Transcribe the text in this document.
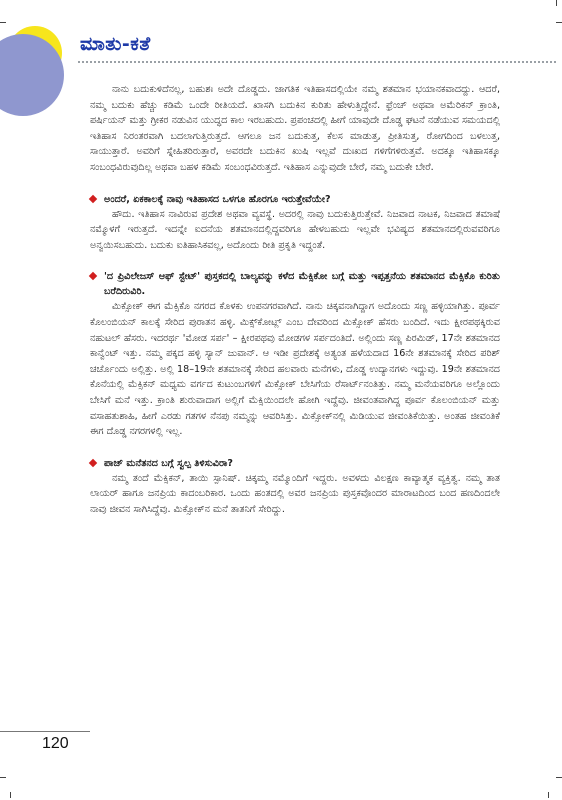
ಮಾತು-ಕತೆ

ನಾನು ಬದುಕುಳಿದೆನಲ್ಲ, ಬಹುಶಃ ಅದೇ ದೊಡ್ಡದು. ಜಾಗತಿಕ ಇತಿಹಾಸದಲ್ಲಿಯೇ ನಮ್ಮ ಶತಮಾನ ಭಯಾನಕವಾದದ್ದು. ಆದರೆ, ನಮ್ಮ ಬದುಕು ಹೆಚ್ಚು ಕಡಿಮೆ ಒಂದೇ ರೀತಿಯದೆ. ಖಾಸಗಿ ಬದುಕಿನ ಕುರಿತು ಹೇಳುತ್ತಿದ್ದೇನೆ. ಫ್ರೆಂಚ್ ಅಥವಾ ಅಮೆರಿಕನ್ ಕ್ರಾಂತಿ, ಪರ್ಷಿಯನ್ ಮತ್ತು ಗ್ರೀಕರ ನಡುವಿನ ಯುದ್ಧದ ಕಾಲ ಇರಬಹುದು. ಪ್ರಪಂಚದಲ್ಲಿ ಹೀಗೆ ಯಾವುದೇ ದೊಡ್ಡ ಘಟನೆ ನಡೆಯುವ ಸಮಯದಲ್ಲಿ ಇತಿಹಾಸ ನಿರಂತರವಾಗಿ ಬದಲಾಗುತ್ತಿರುತ್ತದೆ. ಆಗಲೂ ಜನ ಬದುಕುತ್ತ, ಕೆಲಸ ಮಾಡುತ್ತ, ಪ್ರೀತಿಸುತ್ತ, ರೋಗದಿಂದ ಬಳಲುತ್ತ, ಸಾಯುತ್ತಾರೆ. ಅವರಿಗೆ ಸ್ನೇಹಿತರಿರುತ್ತಾರೆ, ಅವರದೇ ಬದುಕಿನ ಖುಷಿ ಇಲ್ಲವೆ ದುಃಖದ ಗಳಿಗೆಗಳಿರುತ್ತವೆ. ಅದಕ್ಕೂ ಇತಿಹಾಸಕ್ಕೂ ಸಂಬಂಧವಿರುವುದಿಲ್ಲ ಅಥವಾ ಬಹಳ ಕಡಿಮೆ ಸಂಬಂಧವಿರುತ್ತದೆ. ಇತಿಹಾಸ ಎನ್ನುವುದೇ ಬೇರೆ, ನಮ್ಮ ಬದುಕೇ ಬೇರೆ.

ಅಂದರೆ, ಏಕಕಾಲಕ್ಕೆ ನಾವು ಇತಿಹಾಸದ ಒಳಗೂ ಹೊರಗೂ ಇರುತ್ತೇವೆಯೇ?

ಹೌದು. ಇತಿಹಾಸ ನಾವಿರುವ ಪ್ರದೇಶ ಅಥವಾ ವ್ಯವಸ್ಥೆ. ಅದರಲ್ಲಿ ನಾವು ಬದುಕುತ್ತಿರುತ್ತೇವೆ. ನಿಜವಾದ ನಾಟಕ, ನಿಜವಾದ ತಮಾಷೆ ನಮ್ಮೊಳಗೆ ಇರುತ್ತದೆ. ಇದನ್ನೇ ಐದನೆಯ ಶತಮಾನದಲ್ಲಿದ್ದವರಿಗೂ ಹೇಳಬಹುದು ಇಲ್ಲವೇ ಭವಿಷ್ಯದ ಶತಮಾನದಲ್ಲಿರುವವರಿಗೂ ಅನ್ವಯಿಸಬಹುದು. ಬದುಕು ಐತಿಹಾಸಿಕವಲ್ಲ, ಅದೊಂದು ರೀತಿ ಪ್ರಕೃತಿ ಇದ್ದಂತೆ.

'ದ ಪ್ರಿವಿಲೇಜಸ್ ಆಫ್ ಸ್ಟೇಟ್' ಪುಸ್ತಕದಲ್ಲಿ ಬಾಲ್ಯವನ್ನು ಕಳೆದ ಮೆಕ್ಸಿಕೋ ಬಗ್ಗೆ ಮತ್ತು ಇಪ್ಪತ್ತನೆಯ ಶತಮಾನದ ಮೆಕ್ಸಿಕೊ ಕುರಿತು ಬರೆದಿರುವಿರಿ.

ಮಿಕ್ಸೋಕ್ ಈಗ ಮೆಕ್ಸಿಕೊ ನಗರದ ಕೊಳಕು ಉಪನಗರವಾಗಿದೆ. ನಾನು ಚಿಕ್ಕವನಾಗಿದ್ದಾಗ ಅದೊಂದು ಸಣ್ಣ ಹಳ್ಳಿಯಾಗಿತ್ತು. ಪೂರ್ವ ಕೊಲಂಬಿಯನ್ ಕಾಲಕ್ಕೆ ಸೇರಿದ ಪುರಾತನ ಹಳ್ಳಿ. ಮಿಕ್ಸ್‌ಕೋಟ್ಲ್ ಎಂಬ ದೇವರಿಂದ ಮಿಕ್ಸೋಕ್ ಹೆಸರು ಬಂದಿದೆ. ಇದು ಕ್ಷೀರಪಥಕ್ಕಿರುವ ನಹುಟಲ್ ಹೆಸರು. ಇದರರ್ಥ 'ಮೋಡ ಸರ್ಪ' – ಕ್ಷೀರಪಥವು ಮೋಡಗಳ ಸರ್ಪದಂತಿದೆ. ಅಲ್ಲಿಂದು ಸಣ್ಣ ಪಿರಮಿಡ್, 17ನೇ ಶತಮಾನದ ಕಾನ್ವೆಂಟ್ ಇತ್ತು. ನಮ್ಮ ಪಕ್ಕದ ಹಳ್ಳಿ ಸ್ಯಾನ್ ಜುವಾನ್. ಆ ಇಡೀ ಪ್ರದೇಶಕ್ಕೆ ಅತ್ಯಂತ ಹಳೆಯದಾದ 16ನೇ ಶತಮಾನಕ್ಕೆ ಸೇರಿದ ಪರಿಶ್ ಚರ್ಚೊಂದು ಅಲ್ಲಿತ್ತು. ಅಲ್ಲಿ 18–19ನೇ ಶತಮಾನಕ್ಕೆ ಸೇರಿದ ಹಲವಾರು ಮನೆಗಳು, ದೊಡ್ಡ ಉದ್ಯಾನಗಳು ಇದ್ದುವು. 19ನೇ ಶತಮಾನದ ಕೊನೆಯಲ್ಲಿ ಮೆಕ್ಸಿಕನ್ ಮಧ್ಯಮ ವರ್ಗದ ಕುಟುಂಬಗಳಿಗೆ ಮಿಕ್ಸೋಕ್ ಬೇಸಿಗೆಯ ರೆಸಾರ್ಟ್‌ನಂತಿತ್ತು. ನಮ್ಮ ಮನೆಯವರಿಗೂ ಅಲ್ಲೊಂದು ಬೇಸಿಗೆ ಮನೆ ಇತ್ತು. ಕ್ರಾಂತಿ ಶುರುವಾದಾಗ ಅಲ್ಲಿಗೆ ಮೆಕ್ಸಿಯಿಂದಲೇ ಹೋಗಿ ಇದ್ದೆವು. ಜೀವಂತವಾಗಿದ್ದ ಪೂರ್ವ ಕೊಲಂಬಿಯನ್ ಮತ್ತು ವಸಾಹತುಶಾಹಿ, ಹೀಗೆ ಎರಡು ಗತಗಳ ನೆನಪು ನಮ್ಮನ್ನು ಆವರಿಸಿತ್ತು. ಮಿಕ್ಸೋಕ್‌ನಲ್ಲಿ ಮಿಡಿಯುವ ಜೀವಂತಿಕೆಯಿತ್ತು. ಅಂತಹ ಜೀವಂತಿಕೆ ಈಗ ದೊಡ್ಡ ನಗರಗಳಲ್ಲಿ ಇಲ್ಲ.

ಪಾಜ್ ಮನೆತನದ ಬಗ್ಗೆ ಸ್ವಲ್ಪ ತಿಳಿಸುವಿರಾ?

ನಮ್ಮ ತಂದೆ ಮೆಕ್ಸಿಕನ್, ತಾಯಿ ಸ್ಪಾನಿಷ್. ಚಿಕ್ಕಮ್ಮ ನಮ್ಮೊಂದಿಗೆ ಇದ್ದರು. ಅವಳದು ವಿಲಕ್ಷಣ ಕಾವ್ಯಾತ್ಮಕ ವ್ಯಕ್ತಿತ್ವ. ನಮ್ಮ ತಾತ ಲಾಯರ್ ಹಾಗೂ ಜನಪ್ರಿಯ ಕಾದಂಬರಿಕಾರ. ಒಂದು ಹಂತದಲ್ಲಿ ಅವರ ಜನಪ್ರಿಯ ಪುಸ್ತಕವೊಂದರ ಮಾರಾಟದಿಂದ ಬಂದ ಹಣದಿಂದಲೇ ನಾವು ಜೀವನ ಸಾಗಿಸಿದ್ದೆವು. ಮಿಕ್ಸೋಕ್‌ನ ಮನೆ ತಾತನಿಗೆ ಸೇರಿದ್ದು.

120
